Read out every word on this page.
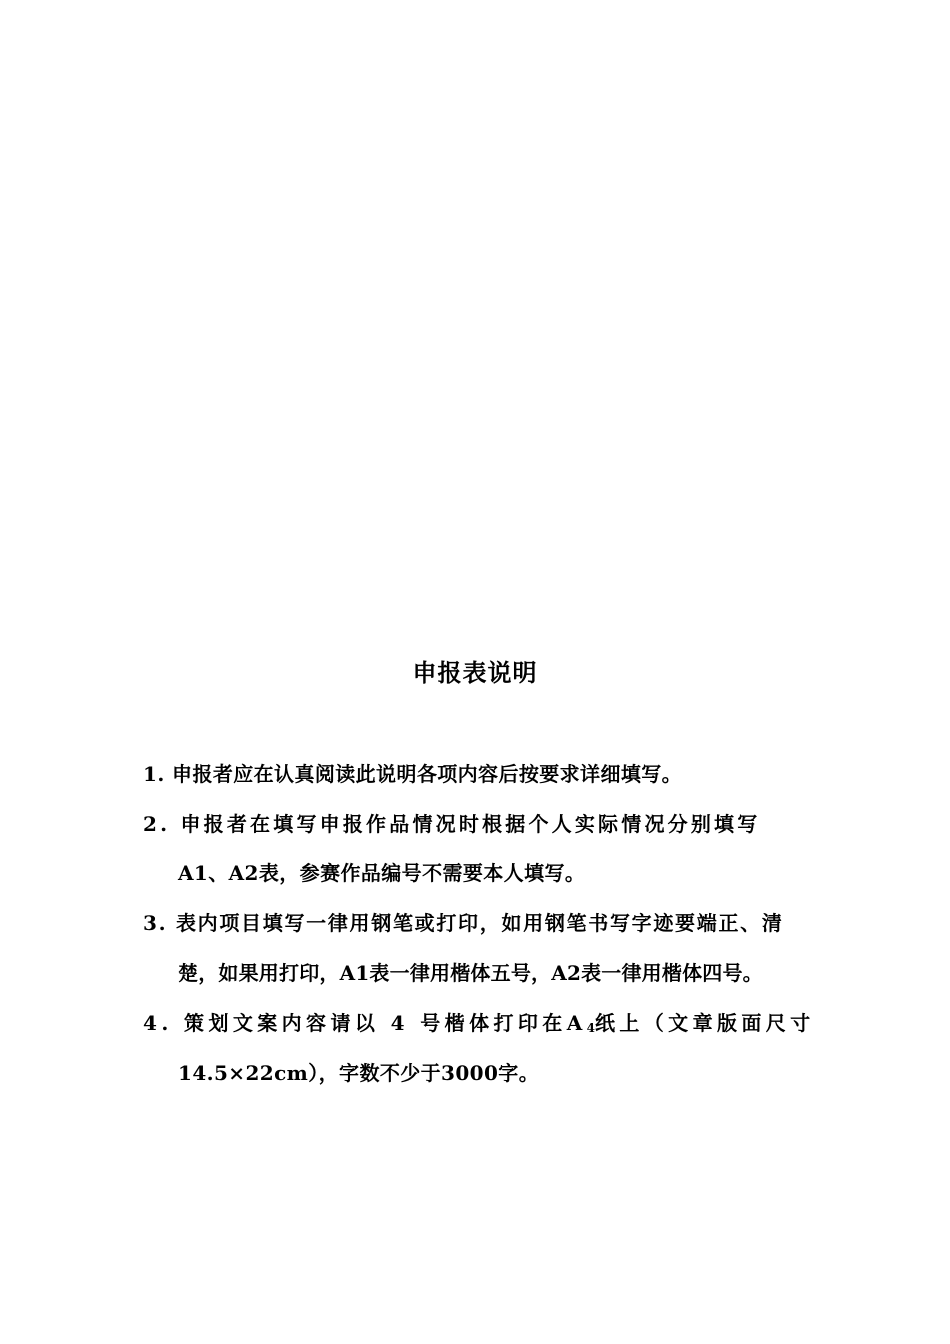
申报表说明
1. 申报者应在认真阅读此说明各项内容后按要求详细填写。
2. 申报者在填写申报作品情况时根据个人实际情况分别填写
A1、A2表，参赛作品编号不需要本人填写。
3. 表内项目填写一律用钢笔或打印，如用钢笔书写字迹要端正、清
楚，如果用打印，A1表一律用楷体五号，A2表一律用楷体四号。
4. 策划文案内容请以 4 号楷体打印在A4纸上（文章版面尺寸
14.5×22cm），字数不少于3000字。
